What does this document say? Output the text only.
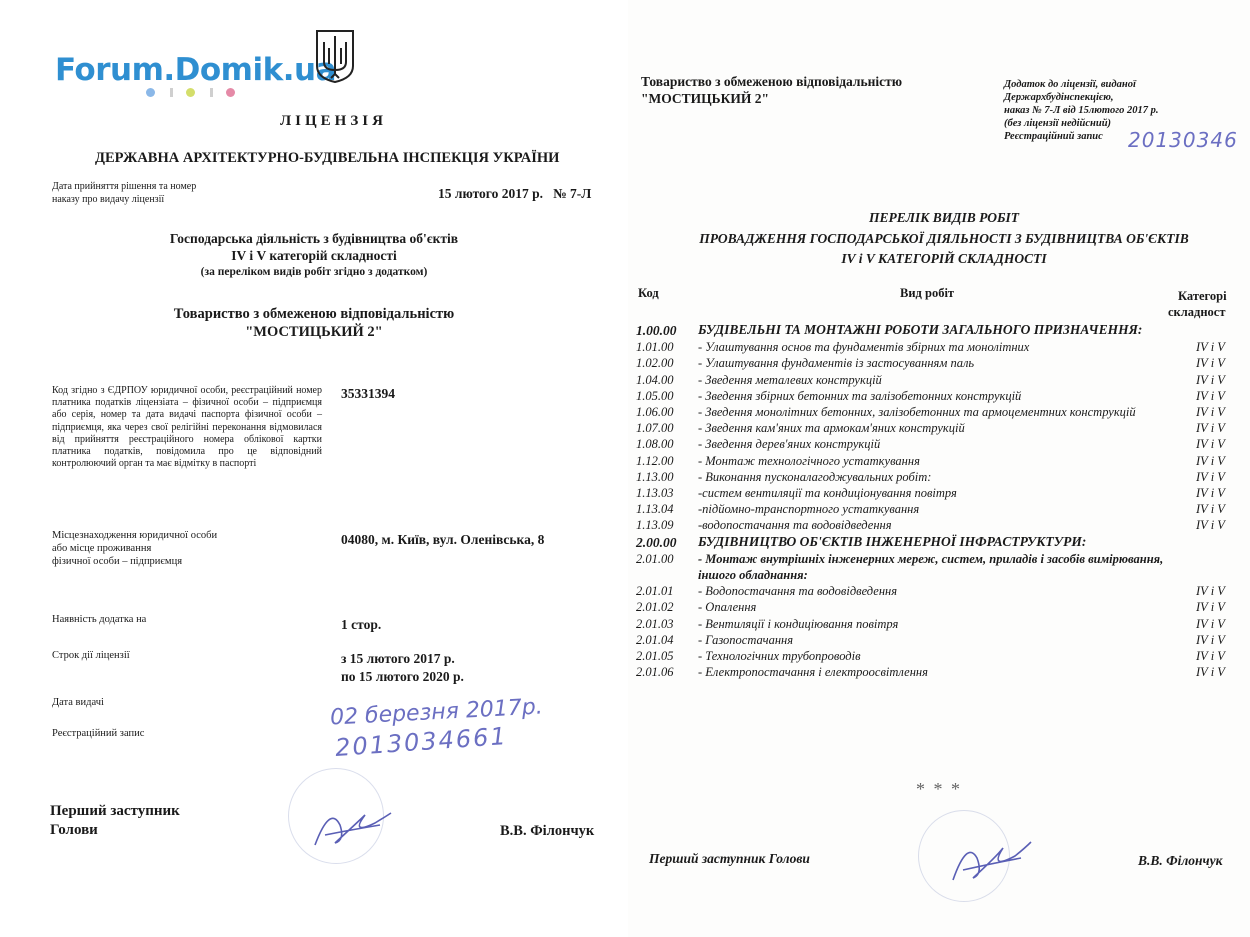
Forum.Domik.ua
ЛІЦЕНЗІЯ
ДЕРЖАВНА АРХІТЕКТУРНО-БУДІВЕЛЬНА ІНСПЕКЦІЯ УКРАЇНИ
Дата прийняття рішення та номер
наказу про видачу ліцензії	15 лютого 2017 р.   № 7-Л
Господарська діяльність з будівництва об'єктів
IV і V категорій складності
(за переліком видів робіт згідно з додатком)
Товариство з обмеженою відповідальністю
"МОСТИЦЬКИЙ 2"
Код згідно з ЄДРПОУ юридичної особи, реєстраційний номер платника податків ліцензіата – фізичної особи – підприємця або серія, номер та дата видачі паспорта фізичної особи – підприємця, яка через свої релігійні переконання відмовилася від прийняття реєстраційного номера облікової картки платника податків, повідомила про це відповідний контролюючий орган та має відмітку в паспорті
35331394
Місцезнаходження юридичної особи
або місце проживання
фізичної особи – підприємця
04080, м. Київ, вул. Оленівська, 8
Наявність додатка на	1 стор.
Строк дії ліцензії	з 15 лютого 2017 р.
по 15 лютого 2020 р.
Дата видачі	02 березня 2017р.
Реєстраційний запис	2013034661
Перший заступник
Голови	В.В. Філончук
Товариство з обмеженою відповідальністю
"МОСТИЦЬКИЙ 2"
Додаток до ліцензії, виданої
Держархбудінспекцією,
наказ № 7-Л від 15лютого 2017 р.
(без ліцензії недійсний)
Реєстраційний запис 20130346
ПЕРЕЛІК ВИДІВ РОБІТ
ПРОВАДЖЕННЯ ГОСПОДАРСЬКОЇ ДІЯЛЬНОСТІ З БУДІВНИЦТВА ОБ'ЄКТІВ
IV і V КАТЕГОРІЙ СКЛАДНОСТІ
Код	Вид робіт	Категорі
складност
1.00.00	БУДІВЕЛЬНІ ТА МОНТАЖНІ РОБОТИ ЗАГАЛЬНОГО ПРИЗНАЧЕННЯ:	
1.01.00	- Улаштування основ та фундаментів збірних та монолітних	IV і V
1.02.00	- Улаштування фундаментів із застосуванням паль	IV і V
1.04.00	- Зведення металевих конструкцій	IV і V
1.05.00	- Зведення збірних бетонних та залізобетонних конструкцій	IV і V
1.06.00	- Зведення монолітних бетонних, залізобетонних та армоцементних конструкцій	IV і V
1.07.00	- Зведення кам'яних та армокам'яних конструкцій	IV і V
1.08.00	- Зведення дерев'яних конструкцій	IV і V
1.12.00	- Монтаж технологічного устаткування	IV і V
1.13.00	- Виконання пусконалагоджувальних робіт:	IV і V
1.13.03	-систем вентиляції та кондиціонування повітря	IV і V
1.13.04	-підйомно-транспортного устаткування	IV і V
1.13.09	-водопостачання та водовідведення	IV і V
2.00.00	БУДІВНИЦТВО ОБ'ЄКТІВ ІНЖЕНЕРНОЇ ІНФРАСТРУКТУРИ:	
2.01.00	- Монтаж внутрішніх інженерних мереж, систем, приладів і засобів вимірювання, іншого обладнання:	
2.01.01	- Водопостачання та водовідведення	IV і V
2.01.02	- Опалення	IV і V
2.01.03	- Вентиляції і кондиціювання повітря	IV і V
2.01.04	- Газопостачання	IV і V
2.01.05	- Технологічних трубопроводів	IV і V
2.01.06	- Електропостачання і електроосвітлення	IV і V
* * *
Перший заступник Голови	В.В. Філончук
